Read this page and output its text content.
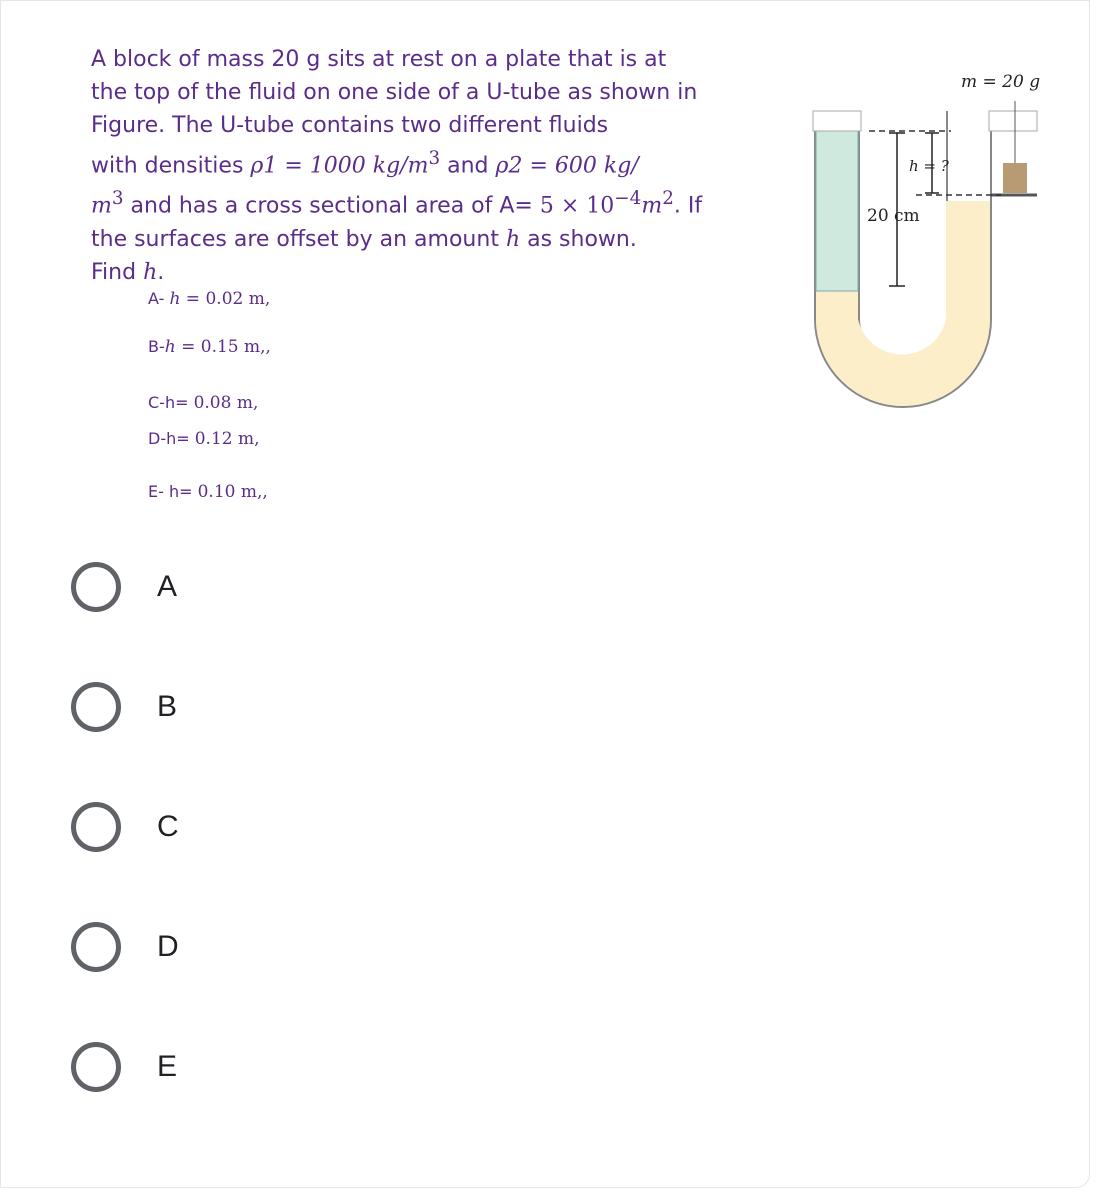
A block of mass 20 g sits at rest on a plate that is at
the top of the fluid on one side of a U-tube as shown in
Figure. The U-tube contains two different fluids
with densities ρ1 = 1000 $kg/m^3$ and ρ2 = 600 kg/
$m^3$ and has a cross sectional area of $A= 5 \times 10^{-4}m^2$. If
the surfaces are offset by an amount h as shown.
Find h.
A- h = 0.02 m,
B-h = 0.15 m,,
C-h= 0.08 m,
D-h= 0.12 m,
E- h= 0.10 m,,
m = 20 g
h = ?
20 cm
A
B
C
D
E
